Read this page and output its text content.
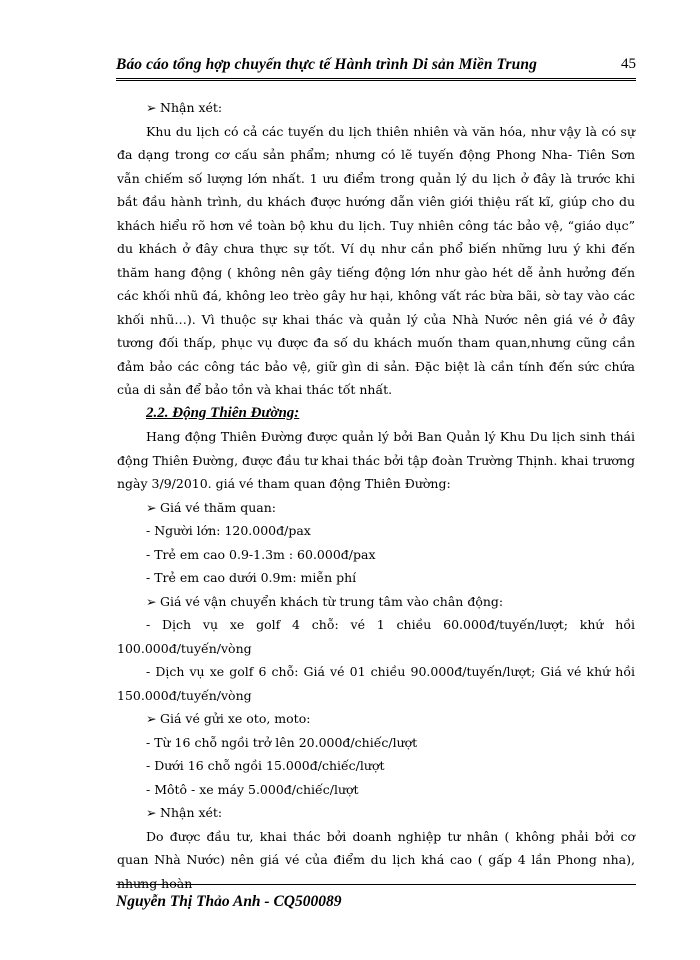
Báo cáo tổng hợp chuyến thực tế Hành trình Di sản Miền Trung	45

➢ Nhận xét:

Khu du lịch có cả các tuyến du lịch thiên nhiên và văn hóa, như vậy là có sự đa dạng trong cơ cấu sản phẩm; nhưng có lẽ tuyến động Phong Nha- Tiên Sơn vẫn chiếm số lượng lớn nhất. 1 ưu điểm trong quản lý du lịch ở đây là trước khi bắt đầu hành trình, du khách được hướng dẫn viên giới thiệu rất kĩ, giúp cho du khách hiểu rõ hơn về toàn bộ khu du lịch. Tuy nhiên công tác bảo vệ, “giáo dục” du khách ở đây chưa thực sự tốt. Ví dụ như cần phổ biến những lưu ý khi đến thăm hang động ( không nên gây tiếng động lớn như gào hét dễ ảnh hưởng đến các khối nhũ đá, không leo trèo gây hư hại, không vất rác bừa bãi, sờ tay vào các khối nhũ…). Vì thuộc sự khai thác và quản lý của Nhà Nước nên giá vé ở đây tương đối thấp, phục vụ được đa số du khách muốn tham quan,nhưng cũng cần đảm bảo các công tác bảo vệ, giữ gìn di sản. Đặc biệt là cần tính đến sức chứa của di sản để bảo tồn và khai thác tốt nhất.

2.2. Động Thiên Đường:

Hang động Thiên Đường được quản lý bởi Ban Quản lý Khu Du lịch sinh thái động Thiên Đường, được đầu tư khai thác bởi tập đoàn Trường Thịnh. khai trương ngày 3/9/2010. giá vé tham quan động Thiên Đường:

➢ Giá vé thăm quan:

- Người lớn: 120.000đ/pax

- Trẻ em cao 0.9-1.3m : 60.000đ/pax

- Trẻ em cao dưới 0.9m: miễn phí

➢ Giá vé vận chuyển khách từ trung tâm vào chân động:

- Dịch vụ xe golf 4 chỗ: vé 1 chiều 60.000đ/tuyến/lượt; khứ hồi 100.000đ/tuyến/vòng

- Dịch vụ xe golf 6 chỗ: Giá vé 01 chiều 90.000đ/tuyến/lượt; Giá vé khứ hồi 150.000đ/tuyến/vòng

➢ Giá vé gửi xe oto, moto:

- Từ 16 chỗ ngồi trở lên 20.000đ/chiếc/lượt

- Dưới 16 chỗ ngồi 15.000đ/chiếc/lượt

- Môtô - xe máy 5.000đ/chiếc/lượt

➢ Nhận xét:

Do được đầu tư, khai thác bởi doanh nghiệp tư nhân ( không phải bởi cơ quan Nhà Nước) nên giá vé của điểm du lịch khá cao ( gấp 4 lần Phong nha), nhưng hoàn

Nguyễn Thị Thảo Anh - CQ500089
